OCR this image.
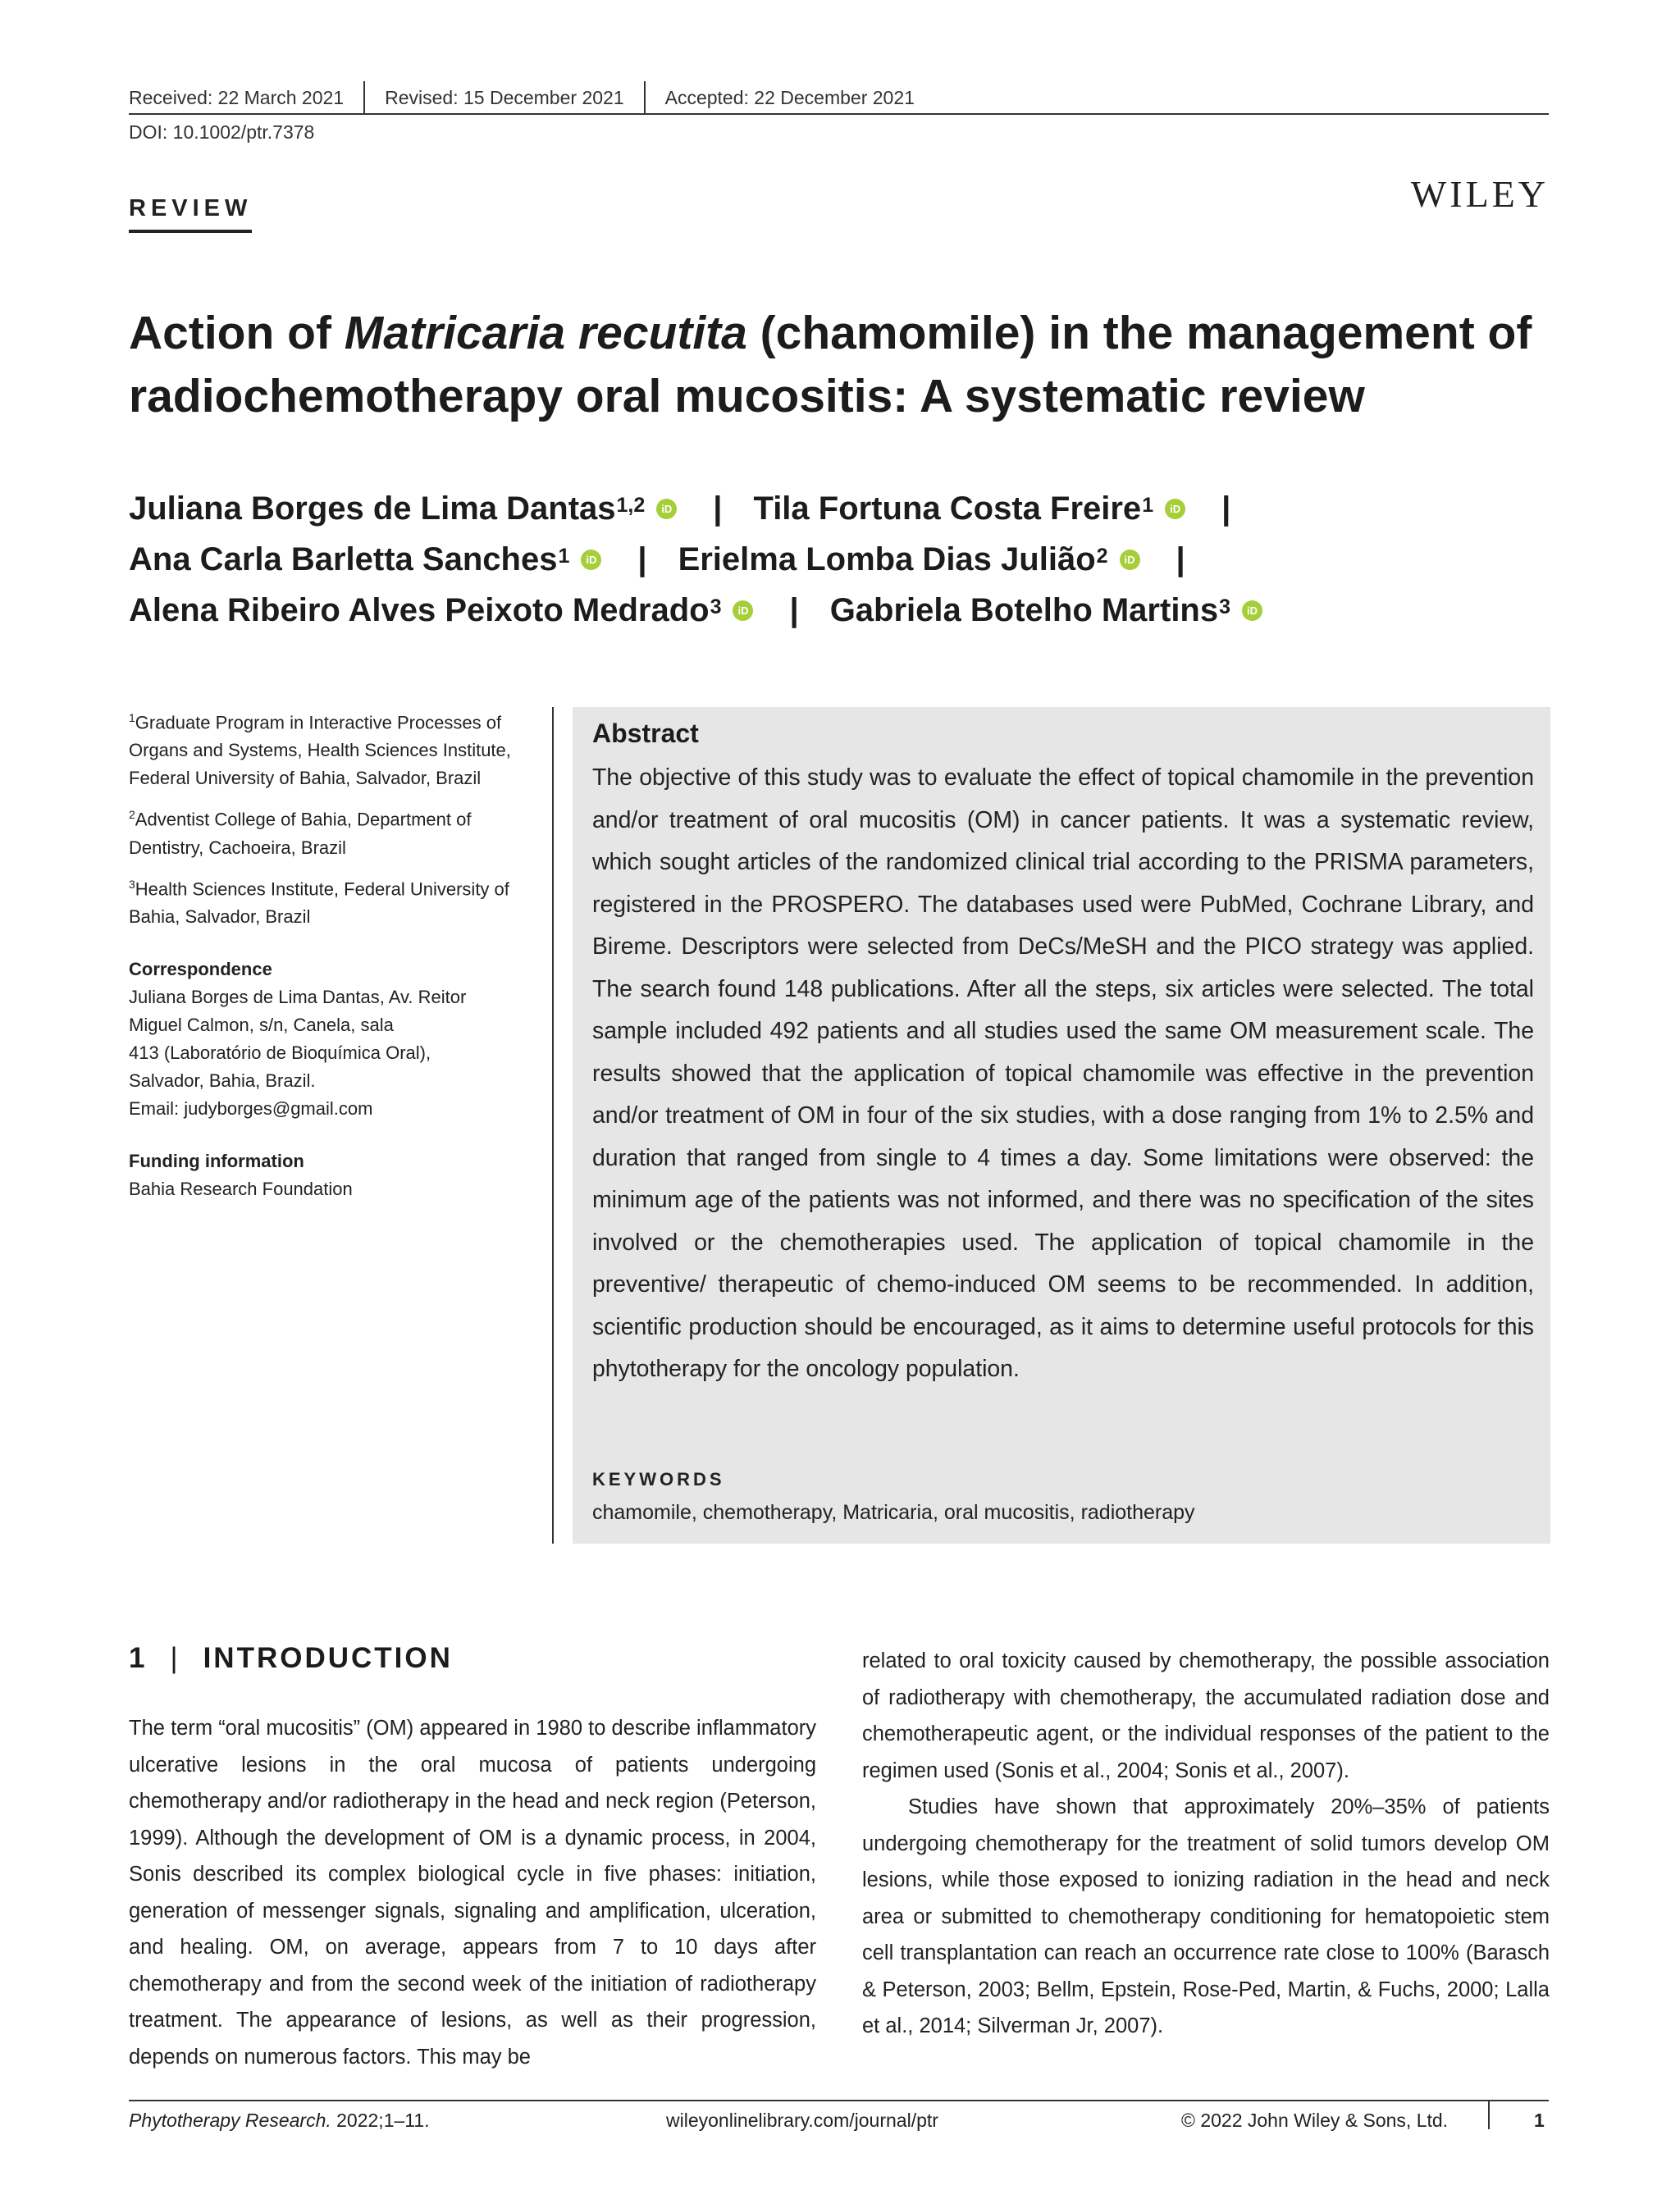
Received: 22 March 2021 Revised: 15 December 2021 Accepted: 22 December 2021
DOI: 10.1002/ptr.7378
REVIEW	WILEY
Action of Matricaria recutita (chamomile) in the management of
radiochemotherapy oral mucositis: A systematic review
Juliana Borges de Lima Dantas$^{1,2}$	iD | Tila Fortuna Costa Freire$^1$	iD |
Ana Carla Barletta Sanches$^1$	iD | Erielma Lomba Dias Julião$^2$	iD |
Alena Ribeiro Alves Peixoto Medrado$^3$	iD | Gabriela Botelho Martins$^3$	iD

$^1$Graduate Program in Interactive Processes of Organs and Systems, Health Sciences Institute, Federal University of Bahia, Salvador, Brazil

$^2$Adventist College of Bahia, Department of Dentistry, Cachoeira, Brazil

$^3$Health Sciences Institute, Federal University of Bahia, Salvador, Brazil

Correspondence

Juliana Borges de Lima Dantas, Av. Reitor
Miguel Calmon, s/n, Canela, sala
413 (Laboratório de Bioquímica Oral),
Salvador, Bahia, Brazil.
Email: judyborges@gmail.com

Funding information

Bahia Research Foundation

Abstract

The objective of this study was to evaluate the effect of topical chamomile in the prevention and/or treatment of oral mucositis (OM) in cancer patients. It was a systematic review, which sought articles of the randomized clinical trial according to the PRISMA parameters, registered in the PROSPERO. The databases used were PubMed, Cochrane Library, and Bireme. Descriptors were selected from DeCs/MeSH and the PICO strategy was applied. The search found 148 publications. After all the steps, six articles were selected. The total sample included 492 patients and all studies used the same OM measurement scale. The results showed that the application of topical chamomile was effective in the prevention and/or treatment of OM in four of the six studies, with a dose ranging from 1% to 2.5% and duration that ranged from single to 4 times a day. Some limitations were observed: the minimum age of the patients was not informed, and there was no specification of the sites involved or the chemotherapies used. The application of topical chamomile in the preventive/ therapeutic of chemo-induced OM seems to be recommended. In addition, scientific production should be encouraged, as it aims to determine useful protocols for this phytotherapy for the oncology population.

KEYWORDS
chamomile, chemotherapy, Matricaria, oral mucositis, radiotherapy
1 | INTRODUCTION

The term “oral mucositis” (OM) appeared in 1980 to describe inflammatory ulcerative lesions in the oral mucosa of patients undergoing chemotherapy and/or radiotherapy in the head and neck region (Peterson, 1999). Although the development of OM is a dynamic process, in 2004, Sonis described its complex biological cycle in five phases: initiation, generation of messenger signals, signaling and amplification, ulceration, and healing. OM, on average, appears from 7 to 10 days after chemotherapy and from the second week of the initiation of radiotherapy treatment. The appearance of lesions, as well as their progression, depends on numerous factors. This may be

related to oral toxicity caused by chemotherapy, the possible association of radiotherapy with chemotherapy, the accumulated radiation dose and chemotherapeutic agent, or the individual responses of the patient to the regimen used (Sonis et al., 2004; Sonis et al., 2007).

Studies have shown that approximately 20%–35% of patients undergoing chemotherapy for the treatment of solid tumors develop OM lesions, while those exposed to ionizing radiation in the head and neck area or submitted to chemotherapy conditioning for hematopoietic stem cell transplantation can reach an occurrence rate close to 100% (Barasch & Peterson, 2003; Bellm, Epstein, Rose-Ped, Martin, & Fuchs, 2000; Lalla et al., 2014; Silverman Jr, 2007).

Phytotherapy Research. 2022;1–11.	wileyonlinelibrary.com/journal/ptr	© 2022 John Wiley & Sons, Ltd.	1
